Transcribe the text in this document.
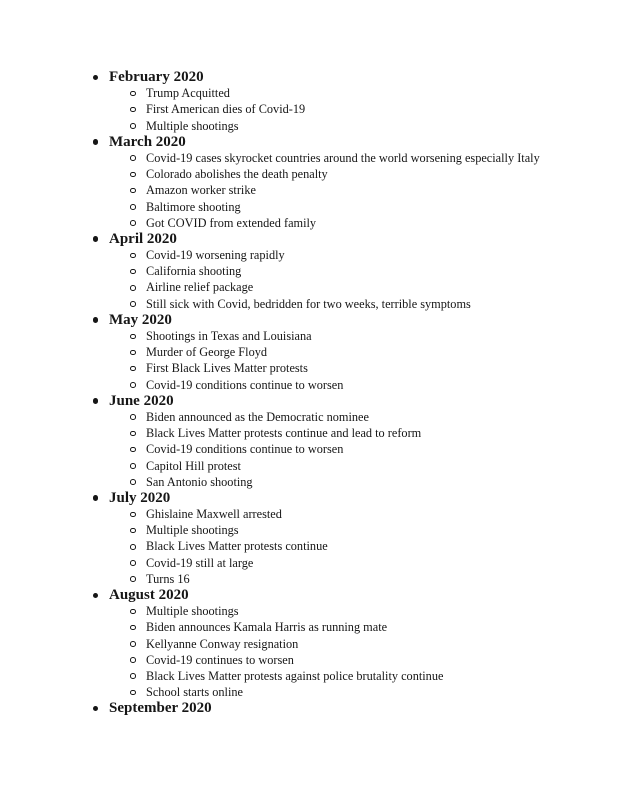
February 2020
Trump Acquitted
First American dies of Covid-19
Multiple shootings
March 2020
Covid-19 cases skyrocket countries around the world worsening especially Italy
Colorado abolishes the death penalty
Amazon worker strike
Baltimore shooting
Got COVID from extended family
April 2020
Covid-19 worsening rapidly
California shooting
Airline relief package
Still sick with Covid, bedridden for two weeks, terrible symptoms
May 2020
Shootings in Texas and Louisiana
Murder of George Floyd
First Black Lives Matter protests
Covid-19 conditions continue to worsen
June 2020
Biden announced as the Democratic nominee
Black Lives Matter protests continue and lead to reform
Covid-19 conditions continue to worsen
Capitol Hill protest
San Antonio shooting
July 2020
Ghislaine Maxwell arrested
Multiple shootings
Black Lives Matter protests continue
Covid-19 still at large
Turns 16
August 2020
Multiple shootings
Biden announces Kamala Harris as running mate
Kellyanne Conway resignation
Covid-19 continues to worsen
Black Lives Matter protests against police brutality continue
School starts online
September 2020
